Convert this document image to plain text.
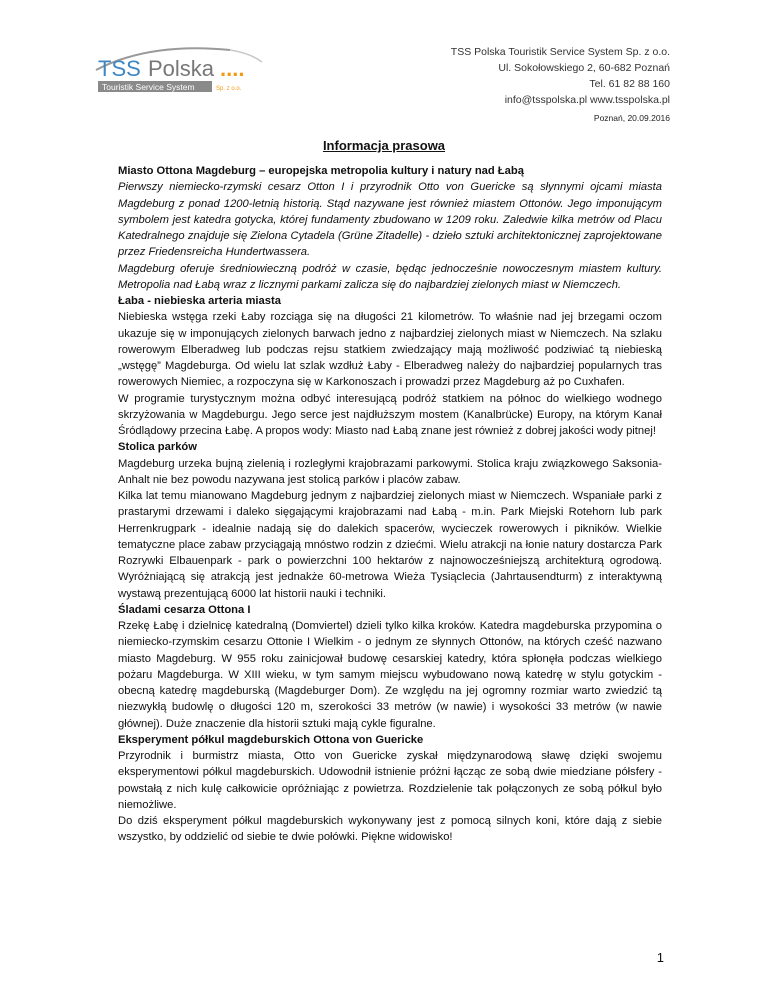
TSS Polska ....
Touristik Service System	Sp. z o.o.
TSS Polska Touristik Service System Sp. z o.o.
Ul. Sokołowskiego 2, 60-682 Poznań
Tel. 61 82 88 160
info@tsspolska.pl www.tsspolska.pl
Poznań, 20.09.2016
Informacja prasowa

Miasto Ottona Magdeburg – europejska metropolia kultury i natury nad Łabą

Pierwszy niemiecko-rzymski cesarz Otton I i przyrodnik Otto von Guericke są słynnymi ojcami miasta Magdeburg z ponad 1200-letnią historią. Stąd nazywane jest również miastem Ottonów. Jego imponującym symbolem jest katedra gotycka, której fundamenty zbudowano w 1209 roku. Zaledwie kilka metrów od Placu Katedralnego znajduje się Zielona Cytadela (Grüne Zitadelle) - dzieło sztuki architektonicznej zaprojektowane przez Friedensreicha Hundertwassera.

Magdeburg oferuje średniowieczną podróż w czasie, będąc jednocześnie nowoczesnym miastem kultury. Metropolia nad Łabą wraz z licznymi parkami zalicza się do najbardziej zielonych miast w Niemczech.

Łaba - niebieska arteria miasta

Niebieska wstęga rzeki Łaby rozciąga się na długości 21 kilometrów. To właśnie nad jej brzegami oczom ukazuje się w imponujących zielonych barwach jedno z najbardziej zielonych miast w Niemczech. Na szlaku rowerowym Elberadweg lub podczas rejsu statkiem zwiedzający mają możliwość podziwiać tą niebieską „wstęgę” Magdeburga. Od wielu lat szlak wzdłuż Łaby - Elberadweg należy do najbardziej popularnych tras rowerowych Niemiec, a rozpoczyna się w Karkonoszach i prowadzi przez Magdeburg aż po Cuxhafen.

W programie turystycznym można odbyć interesującą podróż statkiem na północ do wielkiego wodnego skrzyżowania w Magdeburgu. Jego serce jest najdłuższym mostem (Kanalbrücke) Europy, na którym Kanał Śródlądowy przecina Łabę. A propos wody: Miasto nad Łabą znane jest również z dobrej jakości wody pitnej!

Stolica parków

Magdeburg urzeka bujną zielenią i rozległymi krajobrazami parkowymi. Stolica kraju związkowego Saksonia-Anhalt nie bez powodu nazywana jest stolicą parków i placów zabaw.

Kilka lat temu mianowano Magdeburg jednym z najbardziej zielonych miast w Niemczech. Wspaniałe parki z prastarymi drzewami i daleko sięgającymi krajobrazami nad Łabą - m.in. Park Miejski Rotehorn lub park Herrenkrugpark - idealnie nadają się do dalekich spacerów, wycieczek rowerowych i pikników. Wielkie tematyczne place zabaw przyciągają mnóstwo rodzin z dziećmi. Wielu atrakcji na łonie natury dostarcza Park Rozrywki Elbauenpark - park o powierzchni 100 hektarów z najnowocześniejszą architekturą ogrodową. Wyróżniającą się atrakcją jest jednakże 60-metrowa Wieża Tysiąclecia (Jahrtausendturm) z interaktywną wystawą prezentującą 6000 lat historii nauki i techniki.

Śladami cesarza Ottona I

Rzekę Łabę i dzielnicę katedralną (Domviertel) dzieli tylko kilka kroków. Katedra magdeburska przypomina o niemiecko-rzymskim cesarzu Ottonie I Wielkim - o jednym ze słynnych Ottonów, na których cześć nazwano miasto Magdeburg. W 955 roku zainicjował budowę cesarskiej katedry, która spłonęła podczas wielkiego pożaru Magdeburga. W XIII wieku, w tym samym miejscu wybudowano nową katedrę w stylu gotyckim - obecną katedrę magdeburską (Magdeburger Dom). Ze względu na jej ogromny rozmiar warto zwiedzić tą niezwykłą budowlę o długości 120 m, szerokości 33 metrów (w nawie) i wysokości 33 metrów (w nawie głównej). Duże znaczenie dla historii sztuki mają cykle figuralne.

Eksperyment półkul magdeburskich Ottona von Guericke

Przyrodnik i burmistrz miasta, Otto von Guericke zyskał międzynarodową sławę dzięki swojemu eksperymentowi półkul magdeburskich. Udowodnił istnienie próżni łącząc ze sobą dwie miedziane półsfery - powstałą z nich kulę całkowicie opróżniając z powietrza. Rozdzielenie tak połączonych ze sobą półkul było niemożliwe.

Do dziś eksperyment półkul magdeburskich wykonywany jest z pomocą silnych koni, które dają z siebie wszystko, by oddzielić od siebie te dwie połówki. Piękne widowisko!

1
